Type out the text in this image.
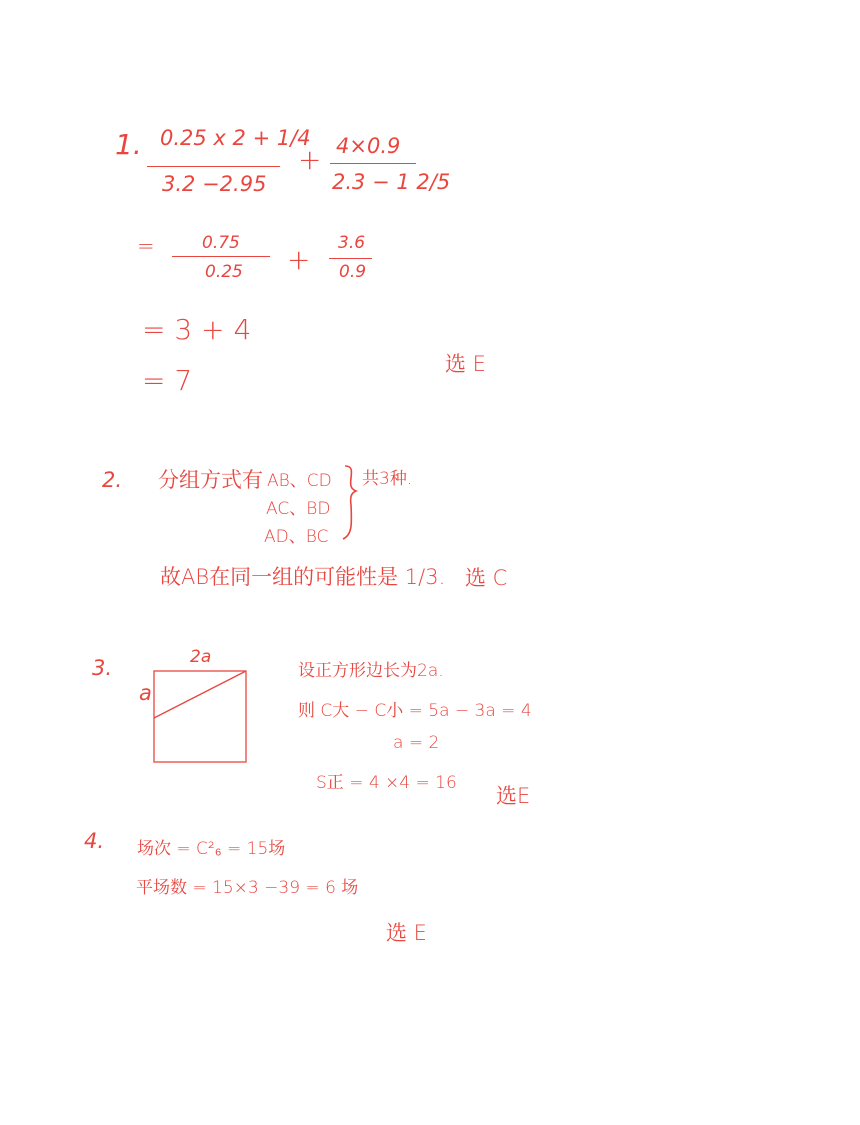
1. 0.25 x 2 + 1/4
3.2 −2.95
+ 4×0.9
2.3 − 1 2/5
=	0.75
0.25 + 3.6
0.9
= 3 + 4
= 7	选 E
2. 分组方式有 AB、CD
AC、BD
AD、BC
共3种.
故AB在同一组的可能性是 1/3. 选 C
3.	2a
a
设正方形边长为2a.
则 C大 − C小 = 5a − 3a = 4
a = 2
S正 = 4 ×4 = 16
选E
4. 场次 = C²₆ = 15场
平场数 = 15×3 −39 = 6 场
选 E
